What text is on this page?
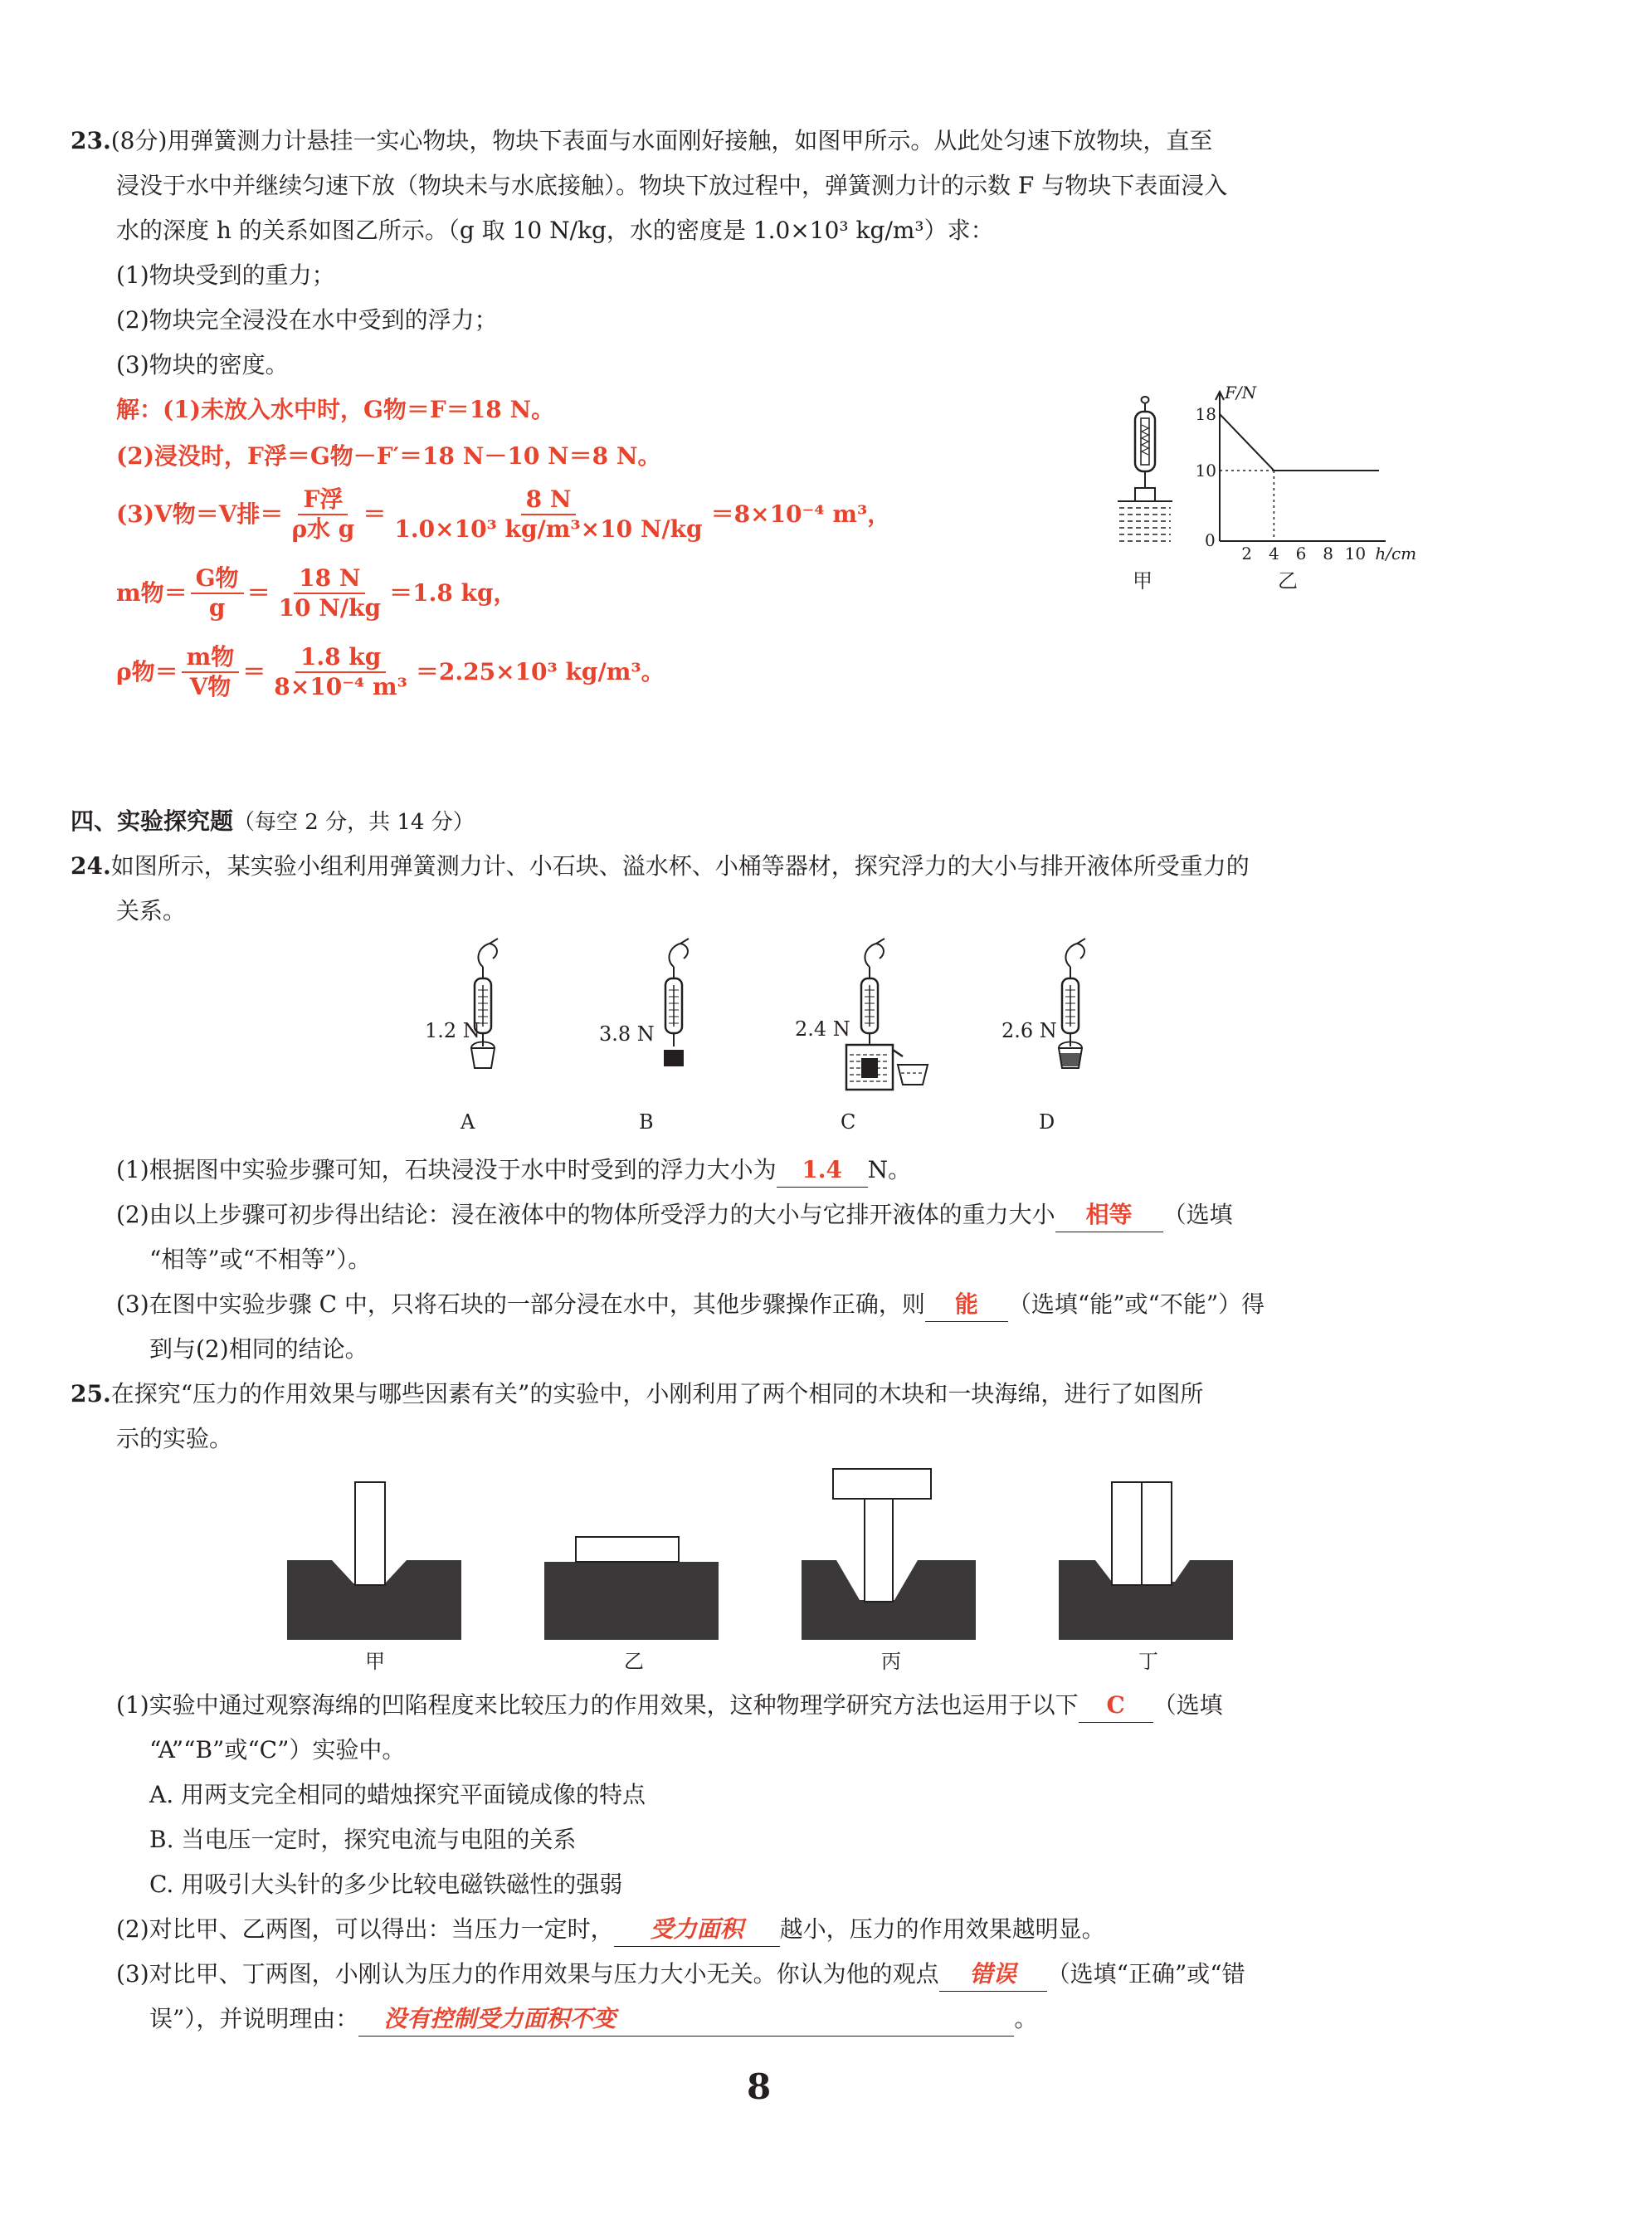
23.(8分)用弹簧测力计悬挂一实心物块，物块下表面与水面刚好接触，如图甲所示。从此处匀速下放物块，直至
浸没于水中并继续匀速下放（物块未与水底接触）。物块下放过程中，弹簧测力计的示数 F 与物块下表面浸入
水的深度 h 的关系如图乙所示。（g 取 10 N/kg，水的密度是 1.0×10³ kg/m³）求：
(1)物块受到的重力；
(2)物块完全浸没在水中受到的浮力；
(3)物块的密度。
解：(1)未放入水中时，G物＝F＝18 N。
(2)浸没时，F浮＝G物－F′＝18 N－10 N＝8 N。
(3)V物＝V排＝ $\frac{\text{F浮}}{\text{ρ水 g}} = \frac{8 N}{\text{1.0×10³ kg/m³×10 N/kg}} =8\times 10^{-4}$ m³，
m物＝ $\frac{\text{G物}}{g} = \frac{18 N}{10 N/kg} =1.8$ kg，
ρ物＝ $\frac{\text{m物}}{\text{V物}} = \frac{1.8 kg}{\text{8×10⁻⁴ m³}} =2.25\times 10^3$ kg/m³。
甲
F/N
h/cm
0
10
18
2 4 6 8 10
乙
四、实验探究题（每空 2 分，共 14 分）
24.如图所示，某实验小组利用弹簧测力计、小石块、溢水杯、小桶等器材，探究浮力的大小与排开液体所受重力的
关系。
1.2 N	3.8 N	2.4 N	2.6 N
A	B	C	D
(1)根据图中实验步骤可知，石块浸没于水中时受到的浮力大小为 1.4 N。
(2)由以上步骤可初步得出结论：浸在液体中的物体所受浮力的大小与它排开液体的重力大小 相等 （选填
“相等”或“不相等”）。
(3)在图中实验步骤 C 中，只将石块的一部分浸在水中，其他步骤操作正确，则 能 （选填“能”或“不能”）得
到与(2)相同的结论。
25.在探究“压力的作用效果与哪些因素有关”的实验中，小刚利用了两个相同的木块和一块海绵，进行了如图所
示的实验。
甲	乙	丙	丁
(1)实验中通过观察海绵的凹陷程度来比较压力的作用效果，这种物理学研究方法也运用于以下 C （选填
“A”“B”或“C”）实验中。
A. 用两支完全相同的蜡烛探究平面镜成像的特点
B. 当电压一定时，探究电流与电阻的关系
C. 用吸引大头针的多少比较电磁铁磁性的强弱
(2)对比甲、乙两图，可以得出：当压力一定时， 受力面积 越小，压力的作用效果越明显。
(3)对比甲、丁两图，小刚认为压力的作用效果与压力大小无关。你认为他的观点 错误 （选填“正确”或“错
误”），并说明理由： 没有控制受力面积不变	。
8
